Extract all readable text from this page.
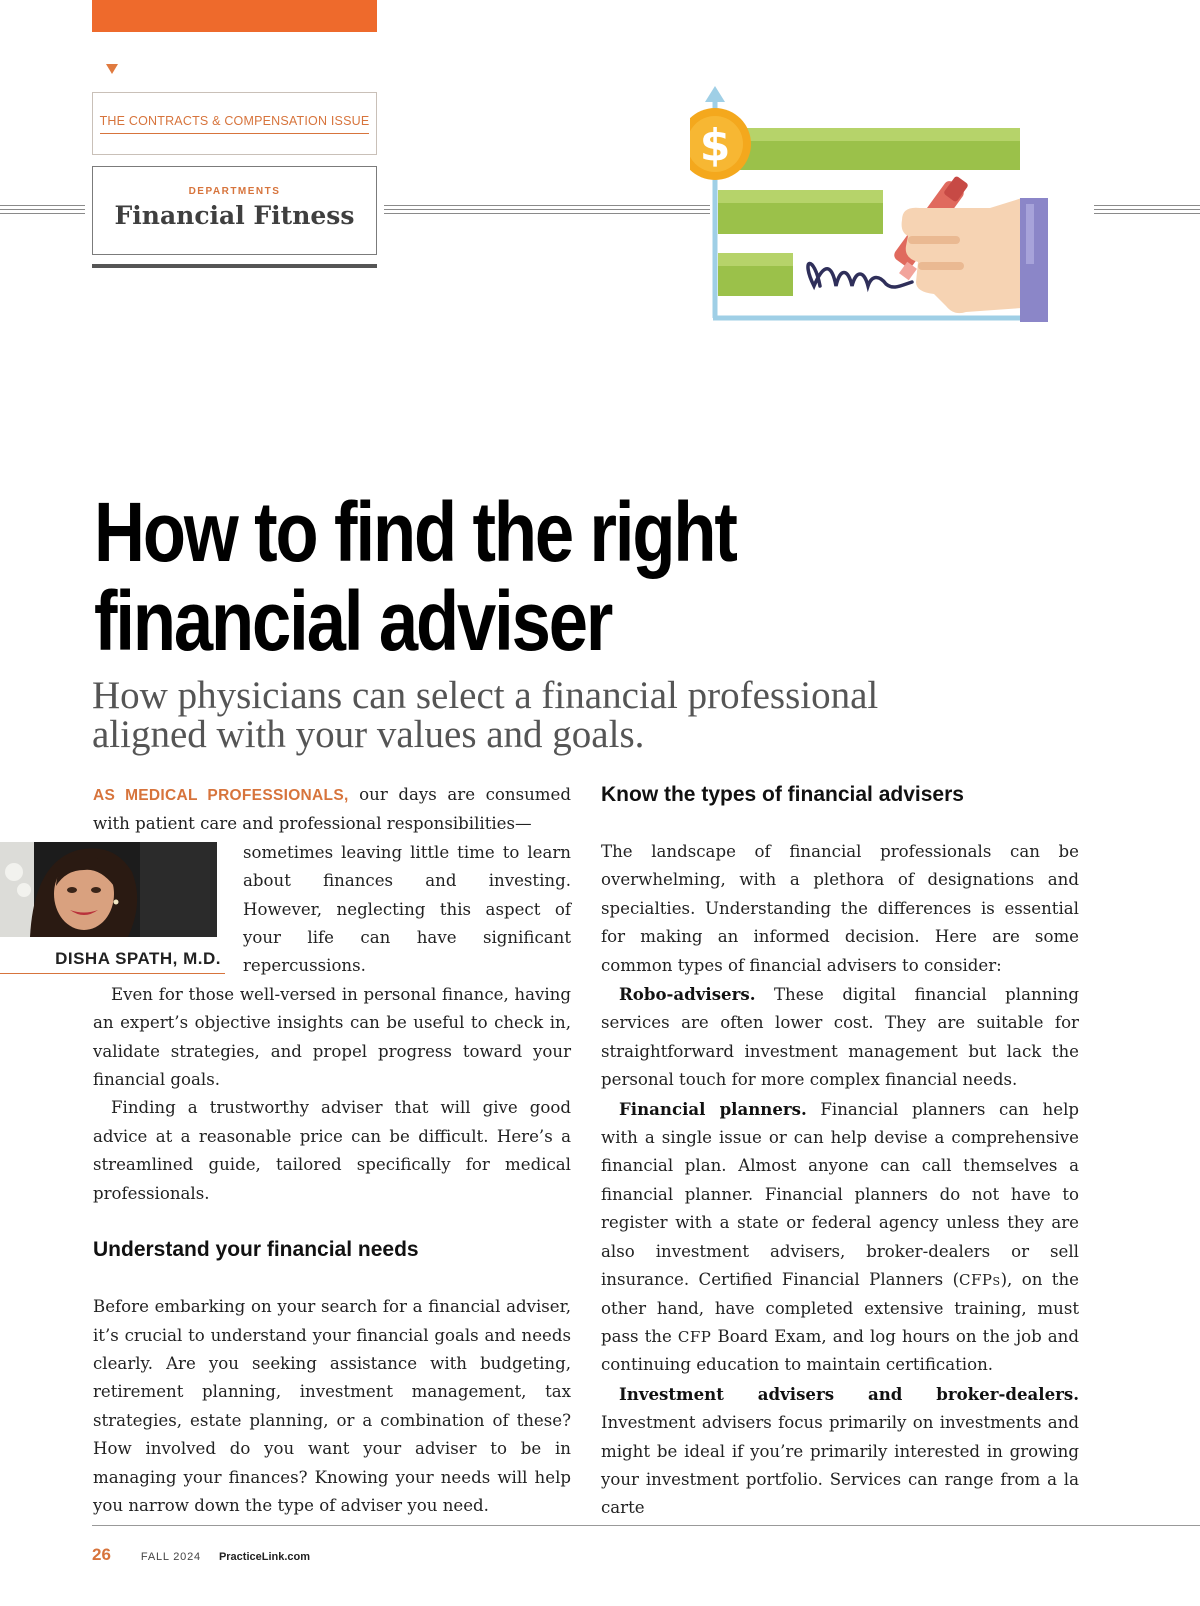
THE CONTRACTS & COMPENSATION ISSUE
DEPARTMENTS
Financial Fitness
$
How to find the right
financial adviser
How physicians can select a financial professional
aligned with your values and goals.

AS MEDICAL PROFESSIONALS, our days are consumed with patient care and professional responsibilities—

DISHA SPATH, M.D.

sometimes leaving little time to learn about finances and investing. However, neglecting this aspect of your life can have significant repercussions.

Even for those well-versed in personal finance, having an expert’s objective insights can be useful to check in, validate strategies, and propel progress toward your financial goals.

Finding a trustworthy adviser that will give good advice at a reasonable price can be difficult. Here’s a streamlined guide, tailored specifically for medical professionals.

Understand your financial needs

Before embarking on your search for a financial adviser, it’s crucial to understand your financial goals and needs clearly. Are you seeking assistance with budgeting, retirement planning, investment management, tax strategies, estate planning, or a combination of these? How involved do you want your adviser to be in managing your finances? Knowing your needs will help you narrow down the type of adviser you need.

Know the types of financial advisers

The landscape of financial professionals can be overwhelming, with a plethora of designations and specialties. Understanding the differences is essential for making an informed decision. Here are some common types of financial advisers to consider:

Robo-advisers. These digital financial planning services are often lower cost. They are suitable for straightforward investment management but lack the personal touch for more complex financial needs.

Financial planners. Financial planners can help with a single issue or can help devise a comprehensive financial plan. Almost anyone can call themselves a financial planner. Financial planners do not have to register with a state or federal agency unless they are also investment advisers, broker-dealers or sell insurance. Certified Financial Planners (CFPs), on the other hand, have completed extensive training, must pass the CFP Board Exam, and log hours on the job and continuing education to maintain certification.

Investment advisers and broker-dealers. Investment advisers focus primarily on investments and might be ideal if you’re primarily interested in growing your investment portfolio. Services can range from a la carte

26	FALL 2024 PracticeLink.com
